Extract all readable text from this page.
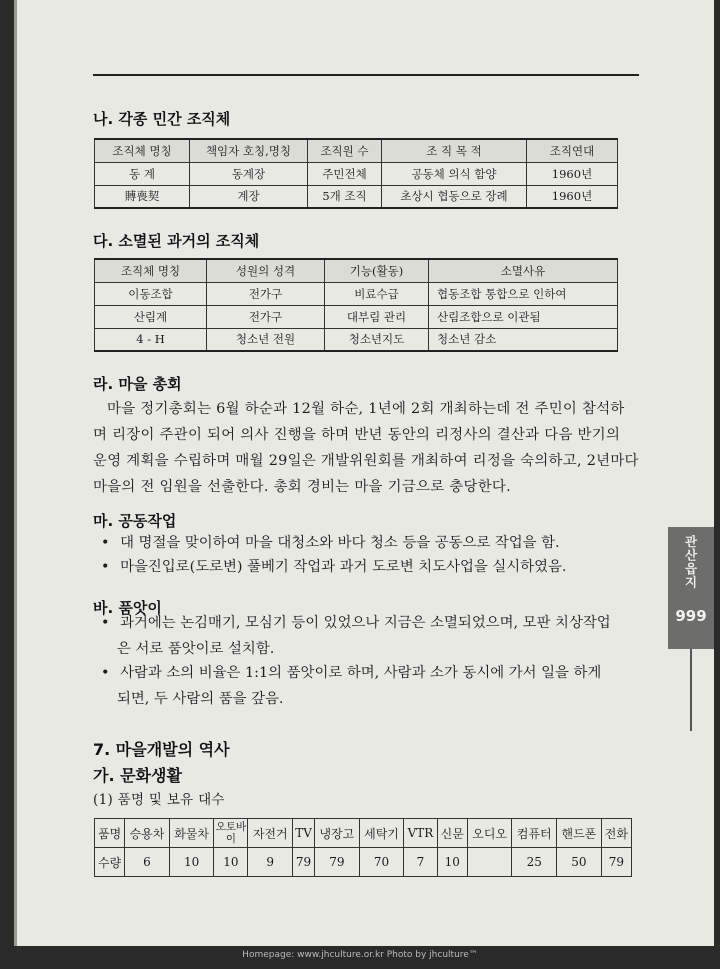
나. 각종 민간 조직체
조직체 명칭	책임자 호칭,명칭	조직원 수	조 직 목 적	조직연대
동 계	동계장	주민전체	공동체 의식 함양	1960년
賻喪契	계장	5개 조직	초상시 협동으로 장례	1960년
다. 소멸된 과거의 조직체
조직체 명칭	성원의 성격	기능(활동)	소멸사유
이동조합	전가구	비료수급	협동조합 통합으로 인하여
산림계	전가구	대부림 관리	산림조합으로 이관됨
4 - H	청소년 전원	청소년지도	청소년 감소
라. 마을 총회
마을 정기총회는 6월 하순과 12월 하순, 1년에 2회 개최하는데 전 주민이 참석하
며 리장이 주관이 되어 의사 진행을 하며 반년 동안의 리정사의 결산과 다음 반기의
운영 계획을 수립하며 매월 29일은 개발위원회를 개최하여 리정을 숙의하고, 2년마다
마을의 전 임원을 선출한다. 총회 경비는 마을 기금으로 충당한다.
마. 공동작업
• 대 명절을 맞이하여 마을 대청소와 바다 청소 등을 공동으로 작업을 함.
• 마을진입로(도로변) 풀베기 작업과 과거 도로변 치도사업을 실시하였음.
바. 품앗이
• 과거에는 논김매기, 모심기 등이 있었으나 지금은 소멸되었으며, 모판 치상작업
은 서로 품앗이로 설치함.
• 사람과 소의 비율은 1:1의 품앗이로 하며, 사람과 소가 동시에 가서 일을 하게
되면, 두 사람의 품을 갚음.
7. 마을개발의 역사
가. 문화생활
(1) 품명 및 보유 대수
품명	승용차	화물차	오토바이	자전거	TV	냉장고	세탁기	VTR	신문	오디오	컴퓨터	핸드폰	전화
수량	6	10	10	9	79	79	70	7	10		25	50	79
관산읍지
999
Homepage: www.jhculture.or.kr Photo by jhculture™
